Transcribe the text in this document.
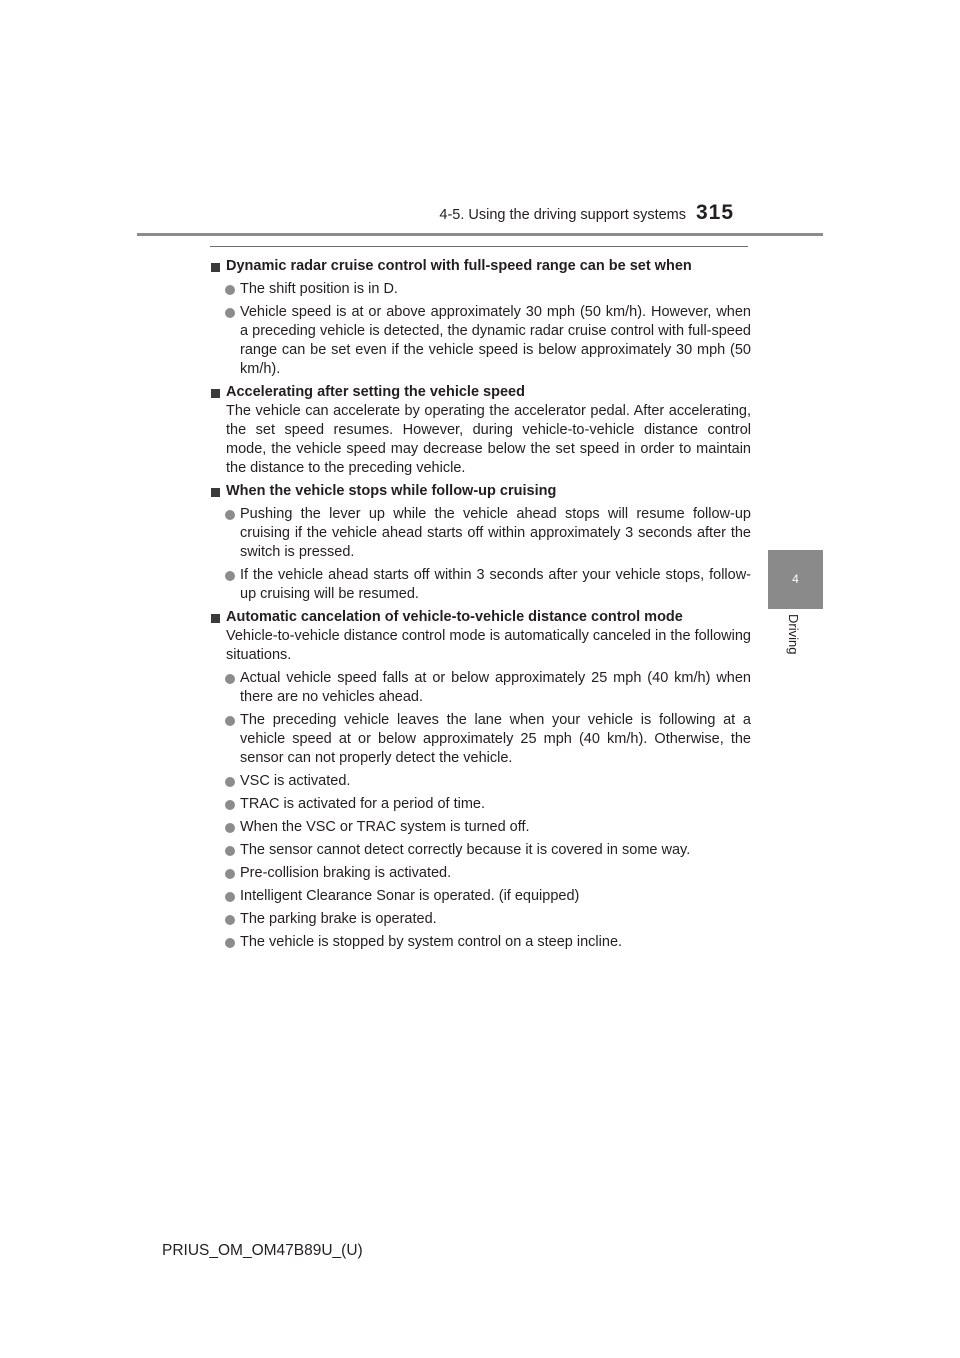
4-5. Using the driving support systems 315
4
Driving
Dynamic radar cruise control with full-speed range can be set when
The shift position is in D.
Vehicle speed is at or above approximately 30 mph (50 km/h). However, when a preceding vehicle is detected, the dynamic radar cruise control with full-speed range can be set even if the vehicle speed is below approximately 30 mph (50 km/h).
Accelerating after setting the vehicle speed
The vehicle can accelerate by operating the accelerator pedal. After accelerating, the set speed resumes. However, during vehicle-to-vehicle distance control mode, the vehicle speed may decrease below the set speed in order to maintain the distance to the preceding vehicle.
When the vehicle stops while follow-up cruising
Pushing the lever up while the vehicle ahead stops will resume follow-up cruising if the vehicle ahead starts off within approximately 3 seconds after the switch is pressed.
If the vehicle ahead starts off within 3 seconds after your vehicle stops, follow-up cruising will be resumed.
Automatic cancelation of vehicle-to-vehicle distance control mode
Vehicle-to-vehicle distance control mode is automatically canceled in the following situations.
Actual vehicle speed falls at or below approximately 25 mph (40 km/h) when there are no vehicles ahead.
The preceding vehicle leaves the lane when your vehicle is following at a vehicle speed at or below approximately 25 mph (40 km/h). Otherwise, the sensor can not properly detect the vehicle.
VSC is activated.
TRAC is activated for a period of time.
When the VSC or TRAC system is turned off.
The sensor cannot detect correctly because it is covered in some way.
Pre-collision braking is activated.
Intelligent Clearance Sonar is operated. (if equipped)
The parking brake is operated.
The vehicle is stopped by system control on a steep incline.
PRIUS_OM_OM47B89U_(U)
